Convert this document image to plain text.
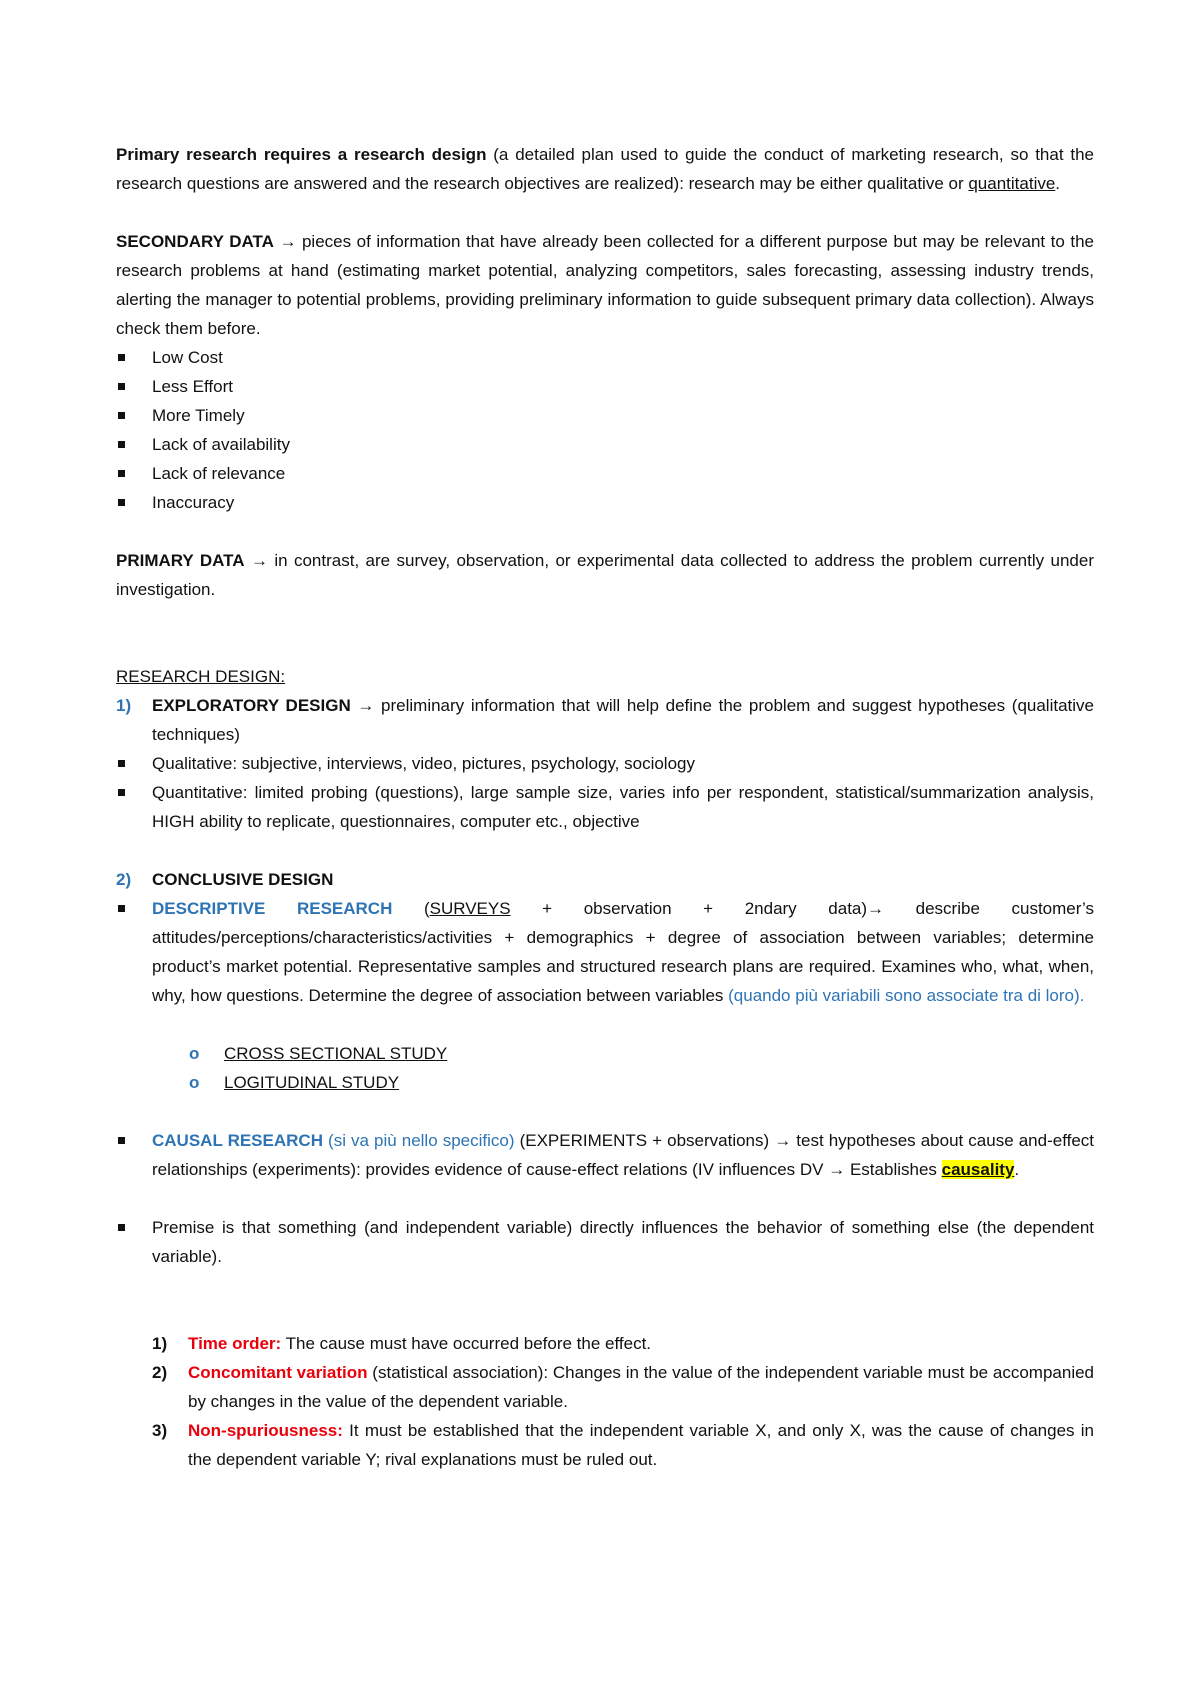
Primary research requires a research design (a detailed plan used to guide the conduct of marketing research, so that the research questions are answered and the research objectives are realized): research may be either qualitative or quantitative.

SECONDARY DATA → pieces of information that have already been collected for a different purpose but may be relevant to the research problems at hand (estimating market potential, analyzing competitors, sales forecasting, assessing industry trends, alerting the manager to potential problems, providing preliminary information to guide subsequent primary data collection). Always check them before.

Low Cost
Less Effort
More Timely
Lack of availability
Lack of relevance
Inaccuracy

PRIMARY DATA → in contrast, are survey, observation, or experimental data collected to address the problem currently under investigation.

RESEARCH DESIGN:

1) EXPLORATORY DESIGN → preliminary information that will help define the problem and suggest hypotheses (qualitative techniques)
Qualitative: subjective, interviews, video, pictures, psychology, sociology
Quantitative: limited probing (questions), large sample size, varies info per respondent, statistical/summarization analysis, HIGH ability to replicate, questionnaires, computer etc., objective
2) CONCLUSIVE DESIGN
DESCRIPTIVE RESEARCH (SURVEYS + observation + 2ndary data)→ describe customer’s attitudes/perceptions/characteristics/activities + demographics + degree of association between variables; determine product’s market potential. Representative samples and structured research plans are required. Examines who, what, when, why, how questions. Determine the degree of association between variables (quando più variabili sono associate tra di loro).
o CROSS SECTIONAL STUDY
o LOGITUDINAL STUDY
CAUSAL RESEARCH (si va più nello specifico) (EXPERIMENTS + observations) → test hypotheses about cause and-effect relationships (experiments): provides evidence of cause-effect relations (IV influences DV → Establishes causality.
Premise is that something (and independent variable) directly influences the behavior of something else (the dependent variable).
1) Time order: The cause must have occurred before the effect.
2) Concomitant variation (statistical association): Changes in the value of the independent variable must be accompanied by changes in the value of the dependent variable.
3) Non-spuriousness: It must be established that the independent variable X, and only X, was the cause of changes in the dependent variable Y; rival explanations must be ruled out.
